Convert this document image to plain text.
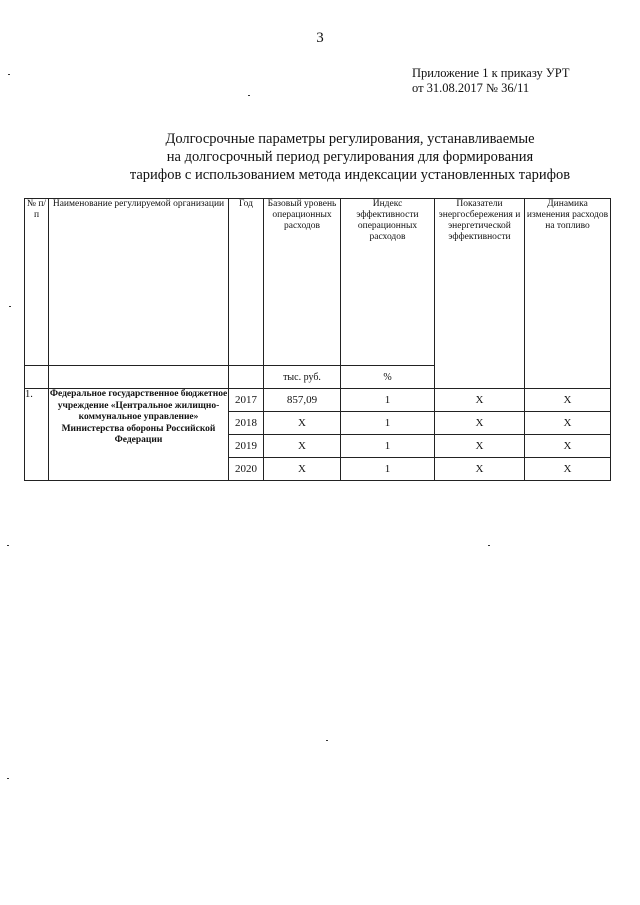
3
Приложение 1 к приказу УРТ
от 31.08.2017 № 36/11
Долгосрочные параметры регулирования, устанавливаемые
на долгосрочный период регулирования для формирования
тарифов с использованием метода индексации установленных тарифов
№ п/п	Наименование регулируемой организации	Год	Базовый уровень операционных расходов	Индекс эффективности операционных расходов	Показатели энергосбережения и энергетической эффективности	Динамика изменения расходов на топливо
			тыс. руб.	%		
1.	Федеральное государственное бюджетное учреждение «Центральное жилищно-коммунальное управление» Министерства обороны Российской Федерации	2017	857,09	1	Х	Х
		2018	Х	1	Х	Х
		2019	Х	1	Х	Х
		2020	Х	1	Х	Х
